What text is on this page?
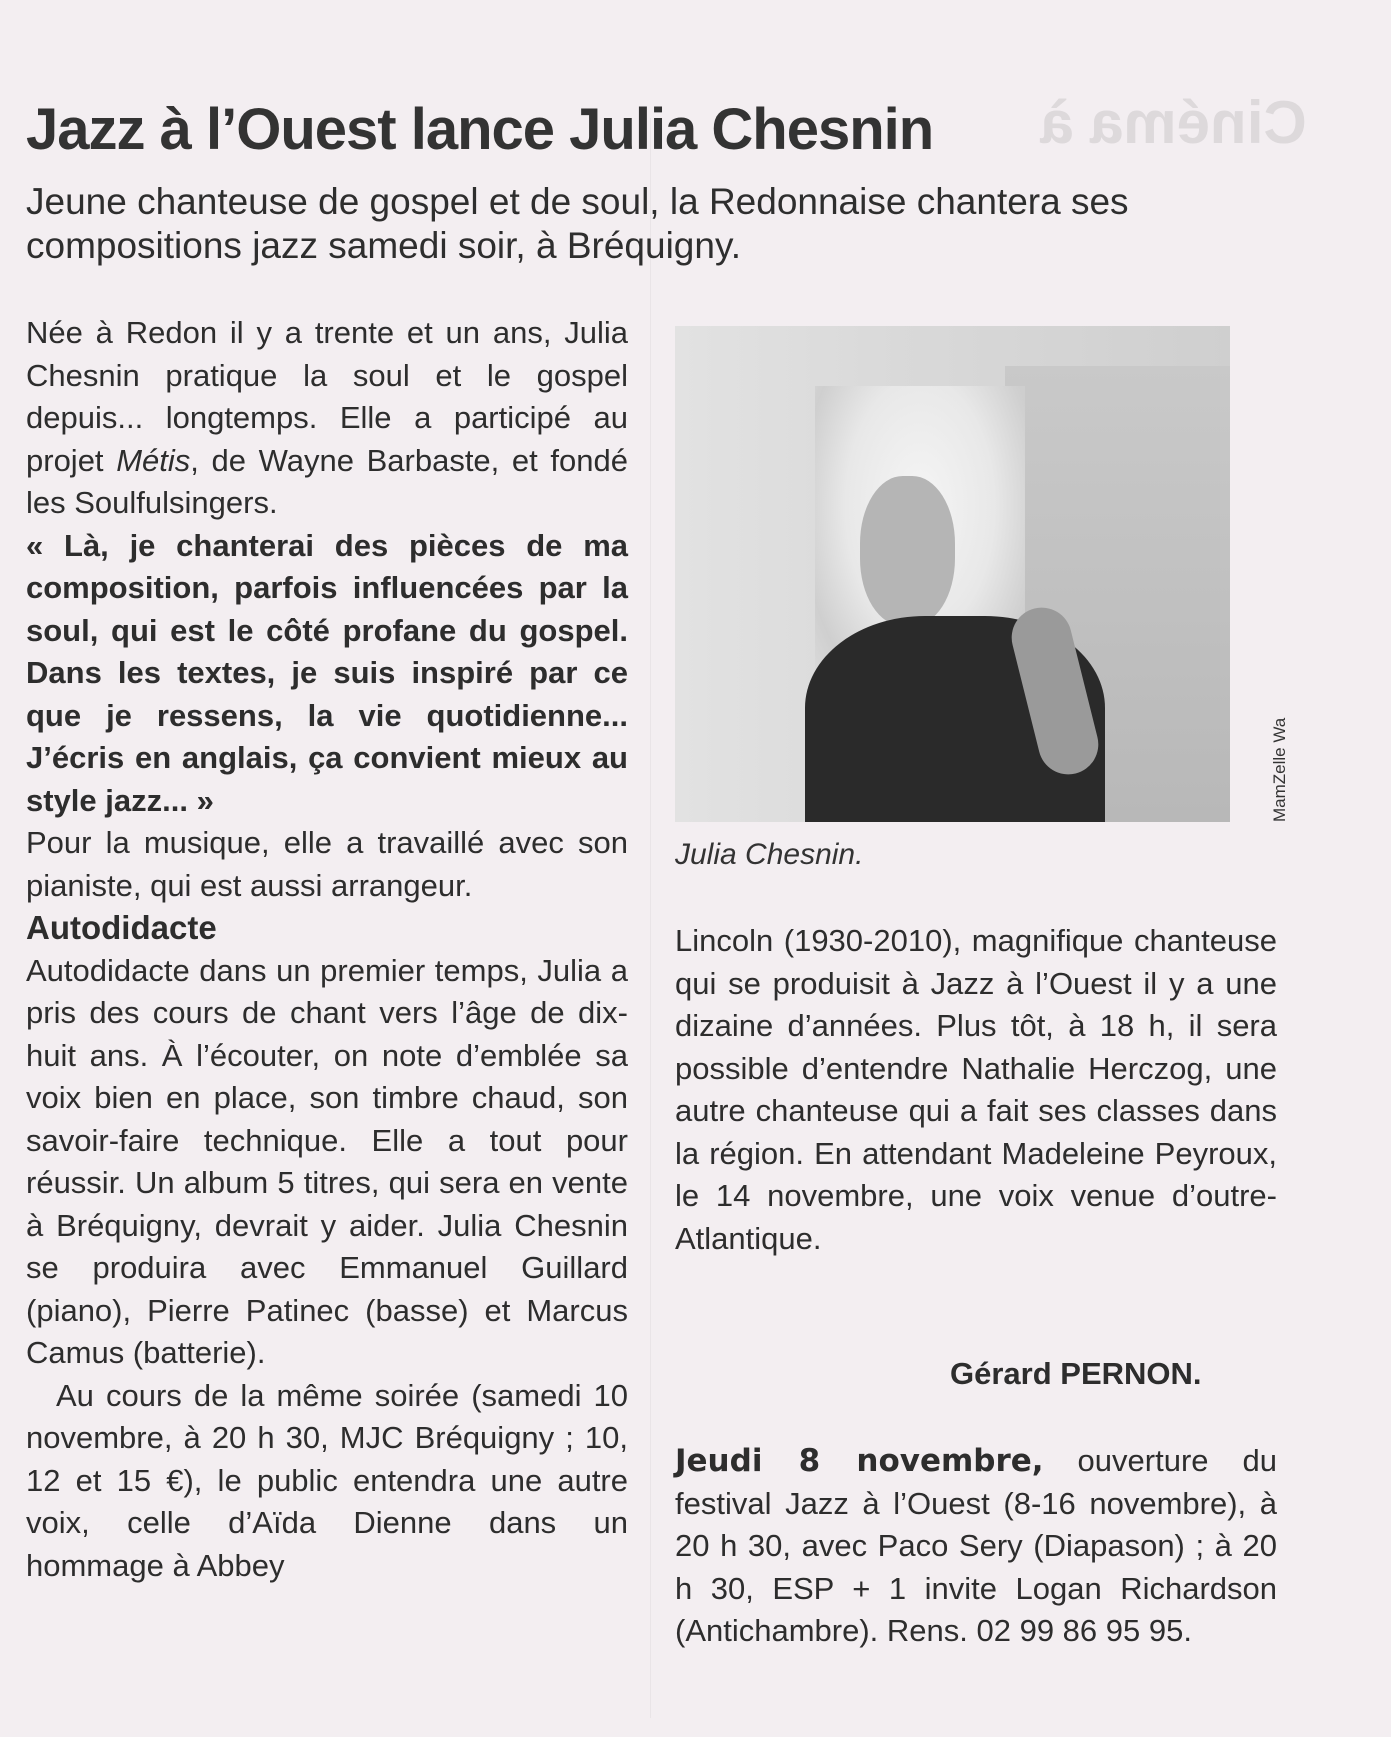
Cinéma à
Jazz à l’Ouest lance Julia Chesnin

Jeune chanteuse de gospel et de soul, la Redonnaise chantera ses compositions jazz samedi soir, à Bréquigny.

Née à Redon il y a trente et un ans, Julia Chesnin pratique la soul et le gospel depuis... longtemps. Elle a participé au projet Métis, de Wayne Barbaste, et fondé les Soulfulsingers.

« Là, je chanterai des pièces de ma composition, parfois influencées par la soul, qui est le côté profane du gospel. Dans les textes, je suis inspiré par ce que je ressens, la vie quotidienne... J’écris en anglais, ça convient mieux au style jazz... »

Pour la musique, elle a travaillé avec son pianiste, qui est aussi arrangeur.

Autodidacte

Autodidacte dans un premier temps, Julia a pris des cours de chant vers l’âge de dix-huit ans. À l’écouter, on note d’emblée sa voix bien en place, son timbre chaud, son savoir-faire technique. Elle a tout pour réussir. Un album 5 titres, qui sera en vente à Bréquigny, devrait y aider. Julia Chesnin se produira avec Emmanuel Guillard (piano), Pierre Patinec (basse) et Marcus Camus (batterie).

Au cours de la même soirée (samedi 10 novembre, à 20 h 30, MJC Bréquigny ; 10, 12 et 15 €), le public entendra une autre voix, celle d’Aïda Dienne dans un hommage à Abbey

MamZelle Wa
Julia Chesnin.

Lincoln (1930-2010), magnifique chanteuse qui se produisit à Jazz à l’Ouest il y a une dizaine d’années. Plus tôt, à 18 h, il sera possible d’entendre Nathalie Herczog, une autre chanteuse qui a fait ses classes dans la région. En attendant Madeleine Peyroux, le 14 novembre, une voix venue d’outre-Atlantique.

Gérard PERNON.

Jeudi 8 novembre, ouverture du festival Jazz à l’Ouest (8-16 novembre), à 20 h 30, avec Paco Sery (Diapason) ; à 20 h 30, ESP + 1 invite Logan Richardson (Antichambre). Rens. 02 99 86 95 95.
